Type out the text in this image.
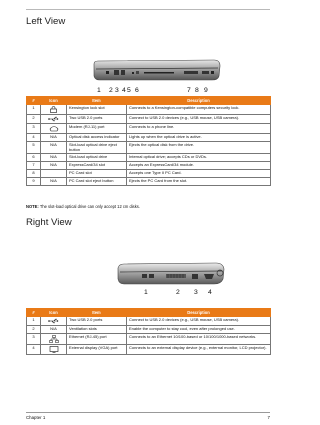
Left View
1 2 3 4 5 6	7 8 9
#	Icon	Item	Description
1		Kensington lock slot	Connects to a Kensington-compatible computers security lock.
2		Two USB 2.0 ports	Connect to USB 2.0 devices (e.g., USB mouse, USB camera).
3		Modem (RJ-11) port	Connects to a phone line.
4	N/A	Optical disk access indicator	Lights up when the optical drive is active.
5	N/A	Slot-load optical drive eject button	Ejects the optical disk from the drive.
6	N/A	Slot-load optical drive	Internal optical drive; accepts CDs or DVDs.
7	N/A	ExpressCard/34 slot	Accepts an ExpressCard/34 module.
8		PC Card slot	Accepts one Type II PC Card.
9	N/A	PC Card slot eject button	Ejects the PC Card from the slot.
NOTE: The slot-load optical drive can only accept 12 cm disks.
Right View
1	2 3 4
#	Icon	Item	Description
1		Two USB 2.0 ports	Connect to USB 2.0 devices (e.g., USB mouse, USB camera).
2	N/A	Ventilation slots	Enable the computer to stay cool, even after prolonged use.
3		Ethernet (RJ-45) port	Connects to an Ethernet 10/100-based or 10/100/1000-based networks.
4		External display (VGA) port	Connects to an external display device (e.g., external monitor, LCD projector).
Chapter 1	7
